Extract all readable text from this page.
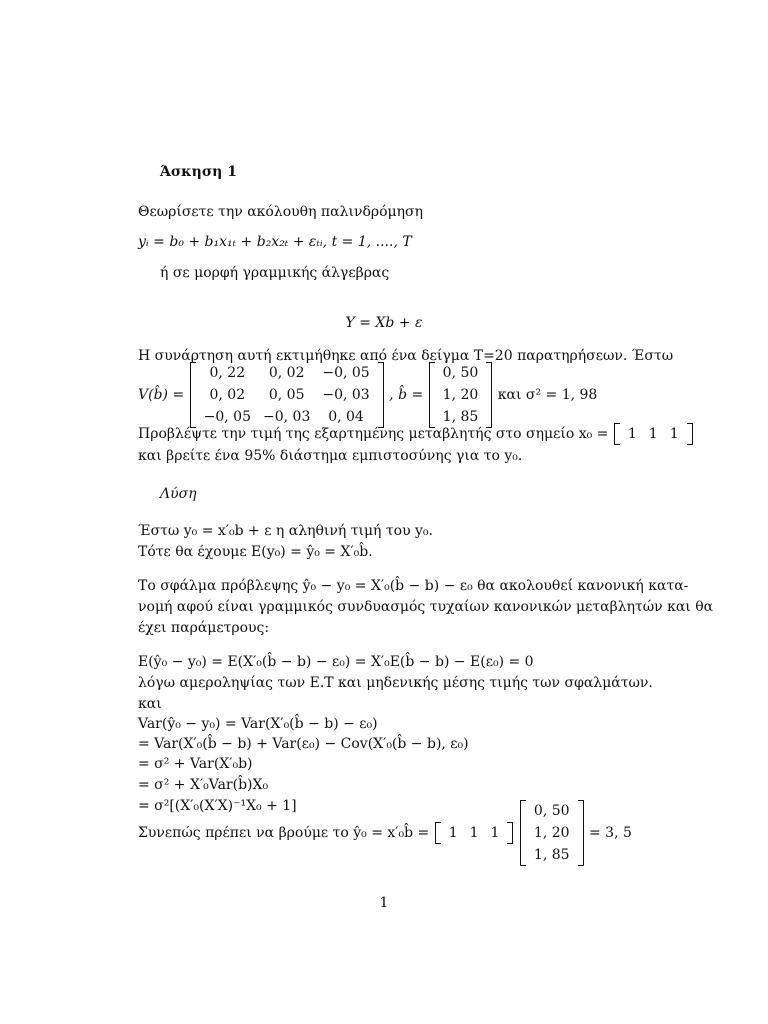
Άσκηση 1
Θεωρίσετε την ακόλουθη παλινδρόμηση
yᵢ = b₀ + b₁x₁ₜ + b₂x₂ₜ + εₜᵢ, t = 1, ...., T
ή σε μορφή γραμμικής άλγεβρας
Y = Xb + ε
Η συνάρτηση αυτή εκτιμήθηκε από ένα δείγμα T=20 παρατηρήσεων. Έστω
V(b̂) =
0, 22	0, 02	−0, 05
0, 02	0, 05	−0, 03
−0, 05	−0, 03	0, 04
, b̂ =
0, 50
1, 20
1, 85
και σ² = 1, 98
Προβλέψτε την τιμή της εξαρτημένης μεταβλητής στο σημείο x₀ = 1	1	1
και βρείτε ένα 95% διάστημα εμπιστοσύνης για το y₀.
Λύση
Έστω y₀ = x′₀b + ε η αληθινή τιμή του y₀.
Τότε θα έχουμε E(y₀) = ŷ₀ = X′₀b̂.
Το σφάλμα πρόβλεψης ŷ₀ − y₀ = X′₀(b̂ − b) − ε₀ θα ακολουθεί κανονική κατα-
νομή αφού είναι γραμμικός συνδυασμός τυχαίων κανονικών μεταβλητών και θα
έχει παράμετρους:
E(ŷ₀ − y₀) = E(X′₀(b̂ − b) − ε₀) = X′₀E(b̂ − b) − E(ε₀) = 0
λόγω αμεροληψίας των Ε.Τ και μηδενικής μέσης τιμής των σφαλμάτων.
και
Var(ŷ₀ − y₀) = Var(X′₀(b̂ − b) − ε₀)
= Var(X′₀(b̂ − b) + Var(ε₀) − Cov(X′₀(b̂ − b), ε₀)
= σ² + Var(X′₀b)
= σ² + X′₀Var(b̂)X₀
= σ²[(X′₀(X′X)⁻¹X₀ + 1]
Συνεπώς πρέπει να βρούμε το ŷ₀ = x′₀b̂ = 1	1	1

0, 50
1, 20
1, 85
= 3, 5
1
